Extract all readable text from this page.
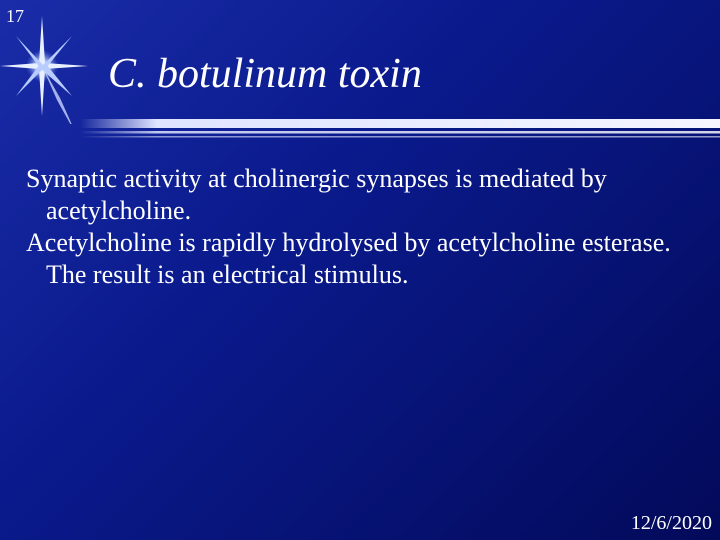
17
C. botulinum toxin

Synaptic activity at cholinergic synapses is mediated by acetylcholine.

Acetylcholine is rapidly hydrolysed by acetylcholine esterase. The result is an electrical stimulus.

12/6/2020
